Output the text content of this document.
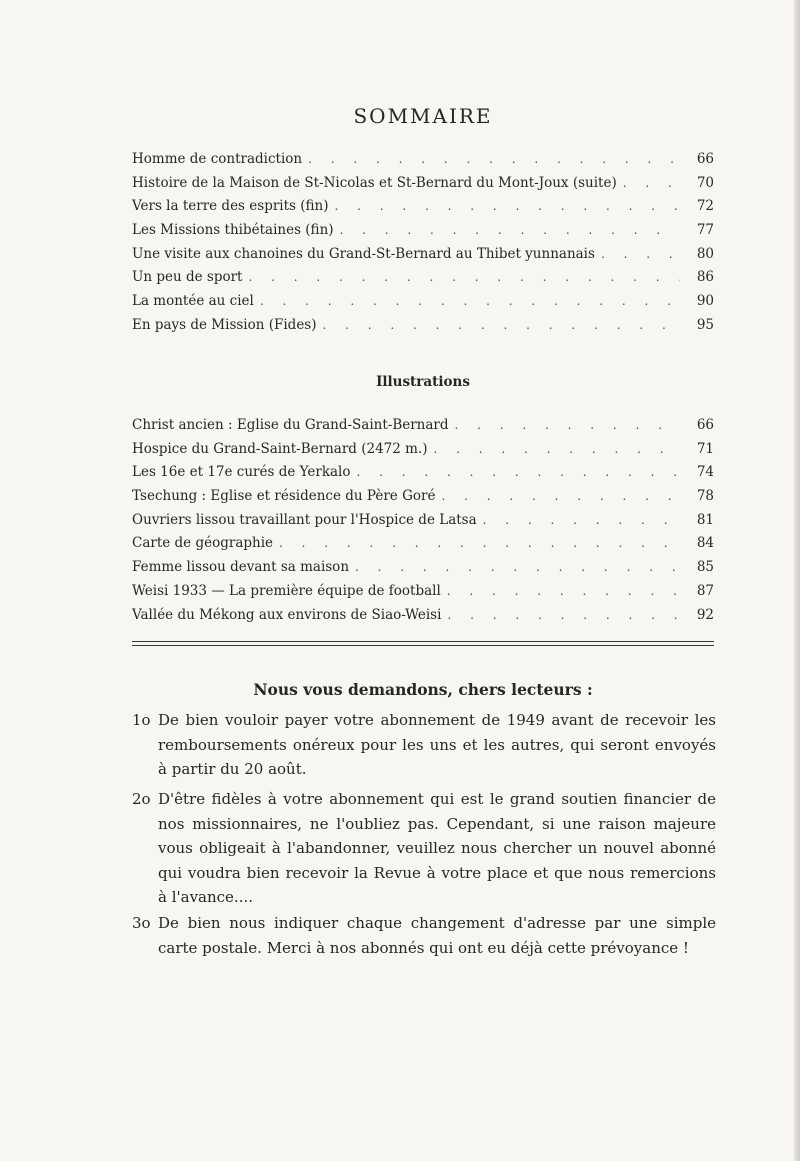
SOMMAIRE
Homme de contradiction . . .	66
Histoire de la Maison de St-Nicolas et St-Bernard du Mont-Joux (suite) . . .	70
Vers la terre des esprits (fin) . . .	72
Les Missions thibétaines (fin) . . .	77
Une visite aux chanoines du Grand-St-Bernard au Thibet yunnanais . . .	80
Un peu de sport . . .	86
La montée au ciel . . .	90
En pays de Mission (Fides) . . .	95
Illustrations
Christ ancien : Eglise du Grand-Saint-Bernard . . .	66
Hospice du Grand-Saint-Bernard (2472 m.) . . .	71
Les 16e et 17e curés de Yerkalo . . .	74
Tsechung : Eglise et résidence du Père Goré . . .	78
Ouvriers lissou travaillant pour l'Hospice de Latsa . . .	81
Carte de géographie . . .	84
Femme lissou devant sa maison . . .	85
Weisi 1933 — La première équipe de football . . .	87
Vallée du Mékong aux environs de Siao-Weisi . . .	92
Nous vous demandons, chers lecteurs :
1o De bien vouloir payer votre abonnement de 1949 avant de recevoir les remboursements onéreux pour les uns et les autres, qui seront envoyés à partir du 20 août.
2o D'être fidèles à votre abonnement qui est le grand soutien financier de nos missionnaires, ne l'oubliez pas. Cependant, si une raison majeure vous obligeait à l'abandonner, veuillez nous chercher un nouvel abonné qui voudra bien recevoir la Revue à votre place et que nous remercions à l'avance....
3o De bien nous indiquer chaque changement d'adresse par une simple carte postale. Merci à nos abonnés qui ont eu déjà cette prévoyance !
